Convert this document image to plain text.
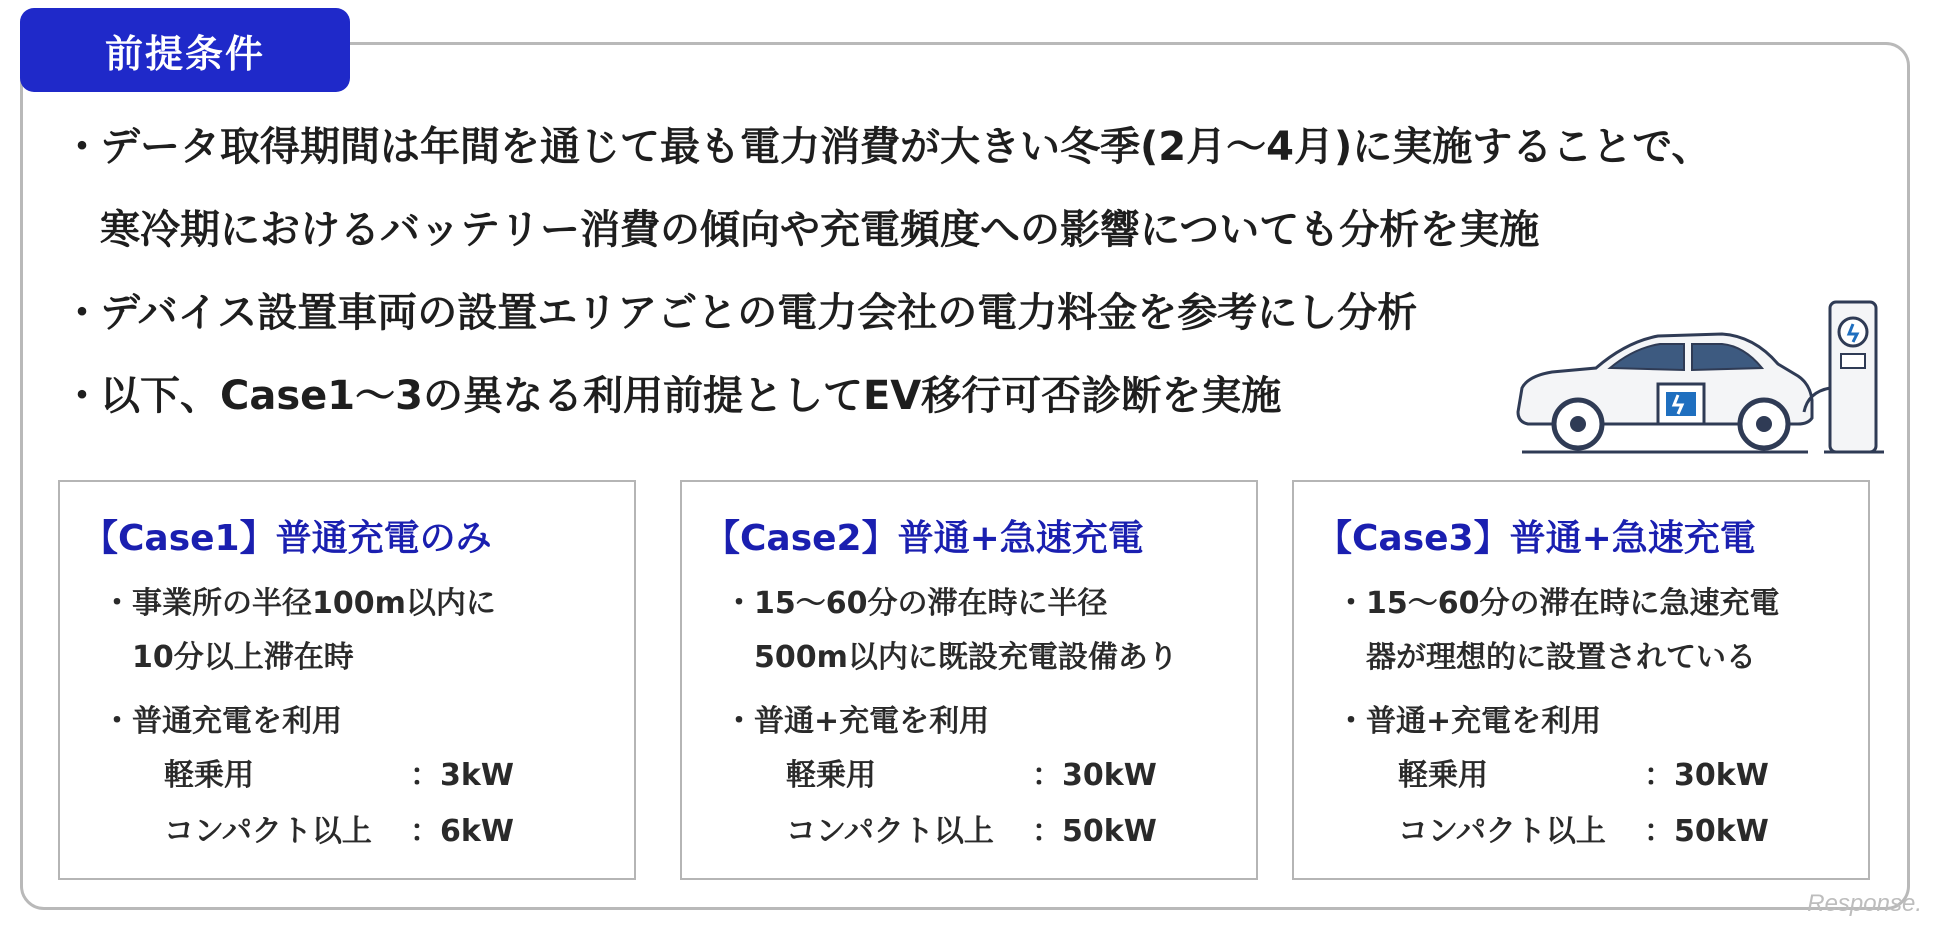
前提条件
・
データ取得期間は年間を通じて最も電力消費が大きい冬季(2月～4月)に実施することで、
寒冷期におけるバッテリー消費の傾向や充電頻度への影響についても分析を実施
・
デバイス設置車両の設置エリアごとの電力会社の電力料金を参考にし分析
・
以下、Case1～3の異なる利用前提としてEV移行可否診断を実施
【Case1】普通充電のみ
・事業所の半径100m以内に
10分以上滞在時
・普通充電を利用
軽乗用	：3kW
コンパクト以上 ：6kW
【Case2】普通+急速充電
・15～60分の滞在時に半径
500m以内に既設充電設備あり
・普通+充電を利用
軽乗用	：30kW
コンパクト以上 ：50kW
【Case3】普通+急速充電
・15～60分の滞在時に急速充電
器が理想的に設置されている
・普通+充電を利用
軽乗用	：30kW
コンパクト以上 ：50kW
Response.
